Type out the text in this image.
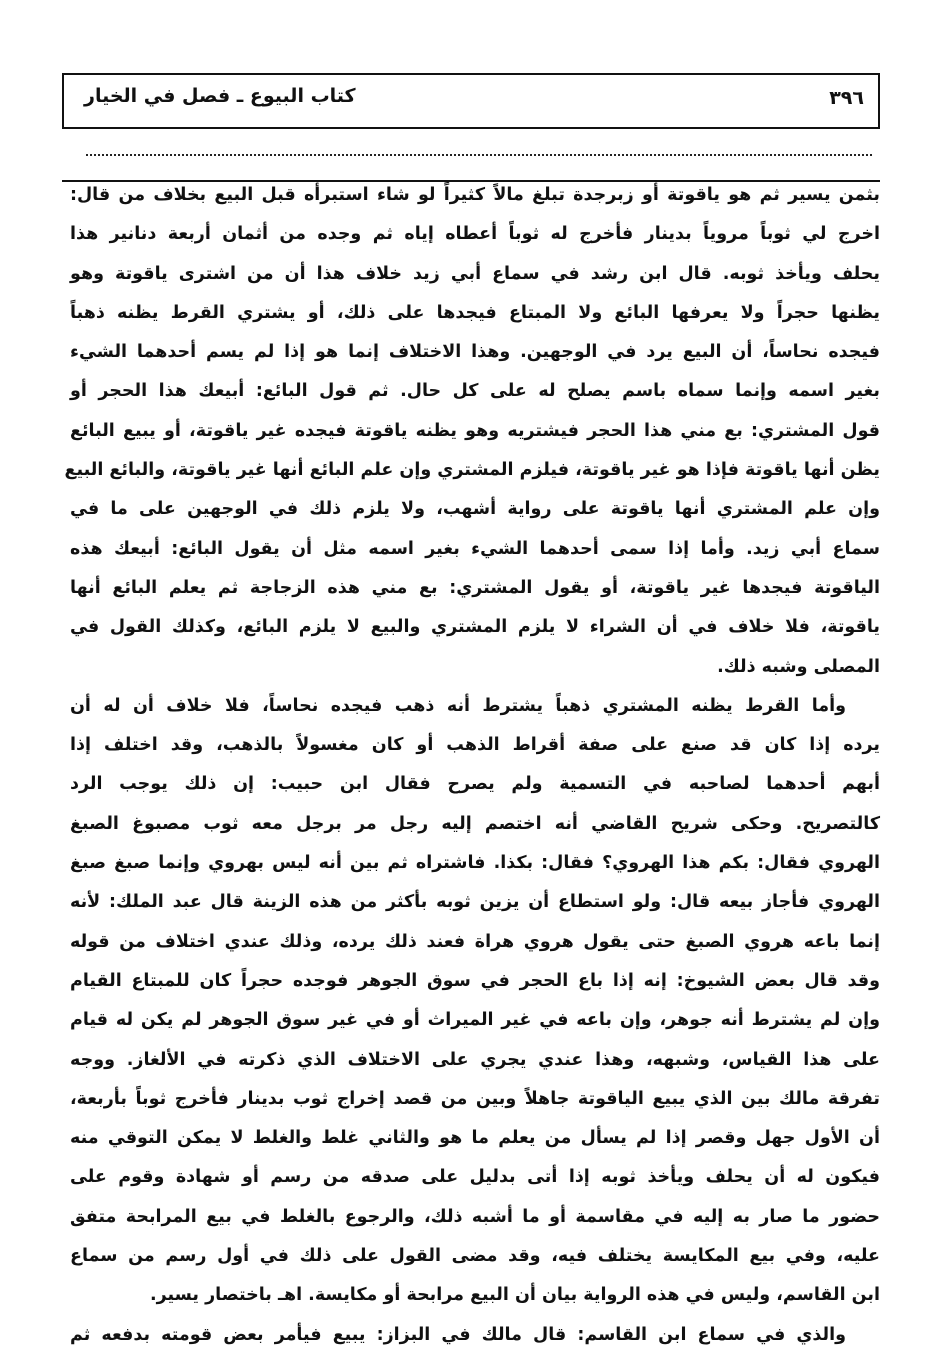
كتاب البيوع ـ فصل في الخيار	٣٩٦
بثمن يسير ثم هو ياقوتة أو زبرجدة تبلغ مالاً كثيراً لو شاء استبرأه قبل البيع بخلاف من قال:
اخرج لي ثوباً مروياً بدينار فأخرج له ثوباً أعطاه إياه ثم وجده من أثمان أربعة دنانير هذا
يحلف ويأخذ ثوبه. قال ابن رشد في سماع أبي زيد خلاف هذا أن من اشترى ياقوتة وهو
يظنها حجراً ولا يعرفها البائع ولا المبتاع فيجدها على ذلك، أو يشتري القرط يظنه ذهباً
فيجده نحاساً، أن البيع يرد في الوجهين. وهذا الاختلاف إنما هو إذا لم يسم أحدهما الشيء
بغير اسمه وإنما سماه باسم يصلح له على كل حال. ثم قول البائع: أبيعك هذا الحجر أو
قول المشتري: بع مني هذا الحجر فيشتريه وهو يظنه ياقوتة فيجده غير ياقوتة، أو يبيع البائع
يظن أنها ياقوتة فإذا هو غير ياقوتة، فيلزم المشتري وإن علم البائع أنها غير ياقوتة، والبائع البيع
وإن علم المشتري أنها ياقوتة على رواية أشهب، ولا يلزم ذلك في الوجهين على ما في
سماع أبي زيد. وأما إذا سمى أحدهما الشيء بغير اسمه مثل أن يقول البائع: أبيعك هذه
الياقوتة فيجدها غير ياقوتة، أو يقول المشتري: بع مني هذه الزجاجة ثم يعلم البائع أنها
ياقوتة، فلا خلاف في أن الشراء لا يلزم المشتري والبيع لا يلزم البائع، وكذلك القول في
المصلى وشبه ذلك.
وأما القرط يظنه المشتري ذهباً يشترط أنه ذهب فيجده نحاساً، فلا خلاف أن له أن
يرده إذا كان قد صنع على صفة أقراط الذهب أو كان مغسولاً بالذهب، وقد اختلف إذا
أبهم أحدهما لصاحبه في التسمية ولم يصرح فقال ابن حبيب: إن ذلك يوجب الرد
كالتصريح. وحكى شريح القاضي أنه اختصم إليه رجل مر برجل معه ثوب مصبوغ الصبغ
الهروي فقال: بكم هذا الهروي؟ فقال: بكذا. فاشتراه ثم بين أنه ليس بهروي وإنما صبغ صبغ
الهروي فأجاز بيعه قال: ولو استطاع أن يزين ثوبه بأكثر من هذه الزينة قال عبد الملك: لأنه
إنما باعه هروي الصبغ حتى يقول هروي هراة فعند ذلك يرده، وذلك عندي اختلاف من قوله
وقد قال بعض الشيوخ: إنه إذا باع الحجر في سوق الجوهر فوجده حجراً كان للمبتاع القيام
وإن لم يشترط أنه جوهر، وإن باعه في غير الميراث أو في غير سوق الجوهر لم يكن له قيام
على هذا القياس، وشبهه، وهذا عندي يجري على الاختلاف الذي ذكرته في الألغاز. ووجه
تفرقة مالك بين الذي يبيع الياقوتة جاهلاً وبين من قصد إخراج ثوب بدينار فأخرج ثوباً بأربعة،
أن الأول جهل وقصر إذا لم يسأل من يعلم ما هو والثاني غلط والغلط لا يمكن التوقي منه
فيكون له أن يحلف ويأخذ ثوبه إذا أتى بدليل على صدقه من رسم أو شهادة وقوم على
حضور ما صار به إليه في مقاسمة أو ما أشبه ذلك، والرجوع بالغلط في بيع المرابحة متفق
عليه، وفي بيع المكايسة يختلف فيه، وقد مضى القول على ذلك في أول رسم من سماع
ابن القاسم، وليس في هذه الرواية بيان أن البيع مرابحة أو مكايسة. اهـ باختصار يسير.
والذي في سماع ابن القاسم: قال مالك في البزاز: يبيع فيأمر بعض قومته بدفعه ثم
